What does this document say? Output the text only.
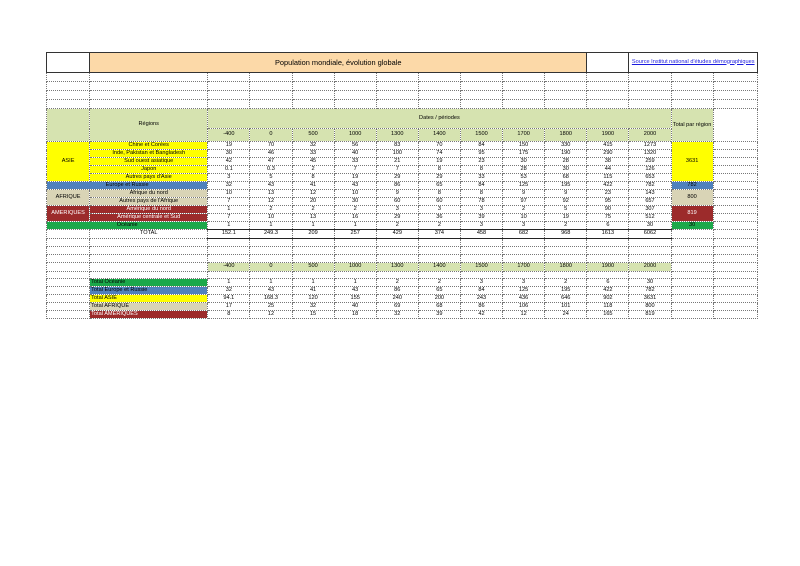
	Population mondiale, évolution globale											Source Institut national d'études démographiques		

	Régions	Dates / périodes											Total par région	
		-400	0	500	1000	1300	1400	1500	1700	1800	1900	2000		
ASIE	Chine et Corées	19	70	32	56	83	70	84	150	330	415	1273	3631	
	Inde, Pakistan et Bangladesh	30	46	33	40	100	74	95	175	190	290	1320		
	Sud ouest asiatique	42	47	45	33	21	19	23	30	28	38	259		
	Japon	0.1	0.3	2	7	7	8	8	28	30	44	126		
	Autres pays d'Asie	3	5	8	19	29	29	33	53	68	115	653		
Europe et Russie		32	43	41	43	86	65	84	125	195	422	782	782	
AFRIQUE	Afrique du nord	10	13	12	10	9	8	8	9	9	23	143	800	
	Autres pays de l'Afrique	7	12	20	30	60	60	78	97	92	95	657		
AMERIQUES	Amérique du nord	1	2	2	2	3	3	3	2	5	90	307	819	
	Amérique centrale et Sud	7	10	13	16	29	36	39	10	19	75	512		
Océanie		1	1	1	1	2	2	3	3	2	6	30	30	
	TOTAL	152.1	249.3	209	257	429	374	458	682	968	1613	6062		

		-400	0	500	1000	1300	1400	1500	1700	1800	1900	2000		

	Total Océanie	1	1	1	1	2	2	3	3	2	6	30		
	Total Europe et Russie	32	43	41	43	86	65	84	125	195	422	782		
	Total ASIE	94.1	168.3	120	155	240	200	243	436	646	902	3631		
	Total AFRIQUE	17	25	32	40	69	68	86	106	101	118	800		
	Total AMERIQUES	8	12	15	18	32	39	42	12	24	165	819		
